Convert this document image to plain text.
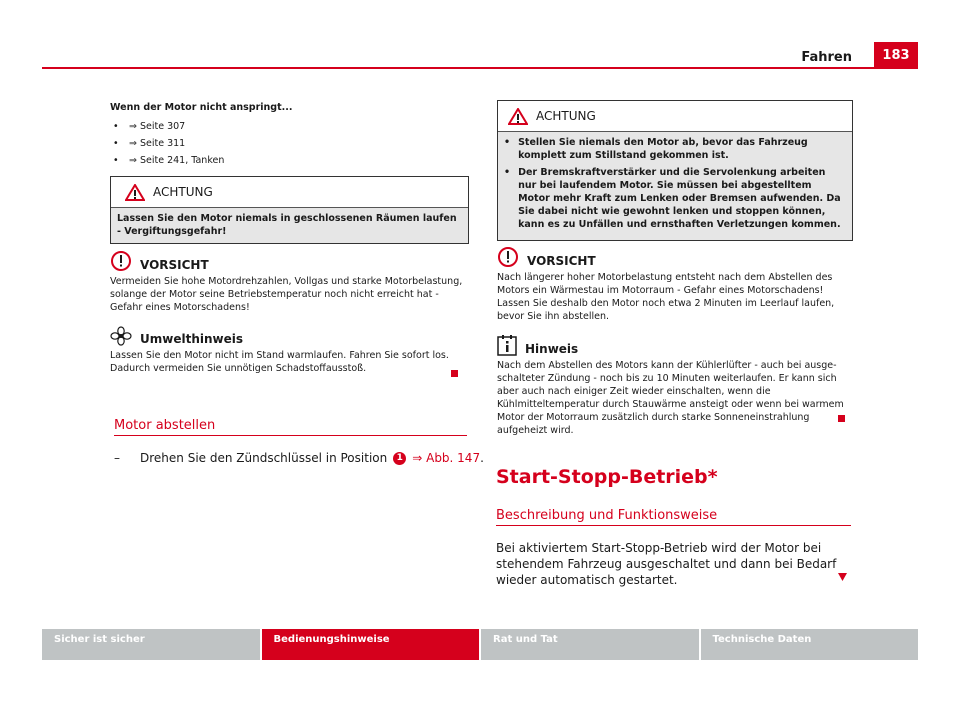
Fahren	183
Wenn der Motor nicht anspringt...
• ⇒ Seite 307
• ⇒ Seite 311
• ⇒ Seite 241, Tanken
ACHTUNG
Lassen Sie den Motor niemals in geschlossenen Räumen laufen - Vergiftungsgefahr!
VORSICHT
Vermeiden Sie hohe Motordrehzahlen, Vollgas und starke Motorbelastung, solange der Motor seine Betriebstemperatur noch nicht erreicht hat - Gefahr eines Motorschadens!
Umwelthinweis
Lassen Sie den Motor nicht im Stand warmlaufen. Fahren Sie sofort los. Dadurch vermeiden Sie unnötigen Schadstoffausstoß.
Motor abstellen
–	Drehen Sie den Zündschlüssel in Position	1 ⇒ Abb. 147 .
ACHTUNG
• Stellen Sie niemals den Motor ab, bevor das Fahrzeug komplett zum Stillstand gekommen ist.
• Der Bremskraftverstärker und die Servolenkung arbeiten nur bei laufendem Motor. Sie müssen bei abgestelltem Motor mehr Kraft zum Lenken oder Bremsen aufwenden. Da Sie dabei nicht wie gewohnt lenken und stoppen können, kann es zu Unfällen und ernsthaften Verletzungen kommen.
VORSICHT
Nach längerer hoher Motorbelastung entsteht nach dem Abstellen des Motors ein Wärmestau im Motorraum - Gefahr eines Motorschadens! Lassen Sie deshalb den Motor noch etwa 2 Minuten im Leerlauf laufen, bevor Sie ihn abstellen.
Hinweis
Nach dem Abstellen des Motors kann der Kühlerlüfter - auch bei ausgeschalteter Zündung - noch bis zu 10 Minuten weiterlaufen. Er kann sich aber auch nach einiger Zeit wieder einschalten, wenn die Kühlmitteltemperatur durch Stauwärme ansteigt oder wenn bei warmem Motor der Motorraum zusätzlich durch starke Sonneneinstrahlung aufgeheizt wird.
Start-Stopp-Betrieb*
Beschreibung und Funktionsweise
Bei aktiviertem Start-Stopp-Betrieb wird der Motor bei stehendem Fahrzeug ausgeschaltet und dann bei Bedarf wieder automatisch gestartet.
Sicher ist sicher	Bedienungshinweise	Rat und Tat	Technische Daten
